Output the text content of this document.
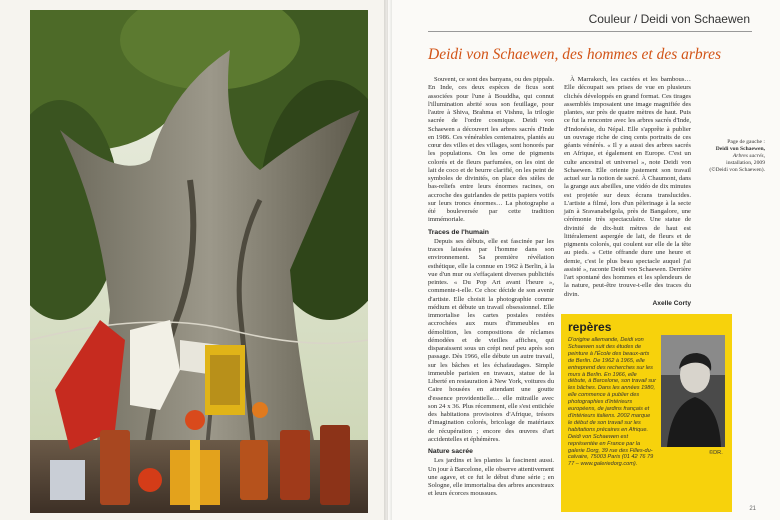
Couleur / Deidi von Schaewen
Deidi von Schaewen, des hommes et des arbres

Souvent, ce sont des banyans, ou des pippals. En Inde, ces deux espèces de ficus sont associées pour l'une à Bouddha, qui connut l'illumination abrité sous son feuillage, pour l'autre à Shiva, Brahma et Vishnu, la trilogie sacrée de l'ordre cosmique. Deidi von Schaewen a découvert les arbres sacrés d'Inde en 1986. Ces vénérables centenaires, plantés au cœur des villes et des villages, sont honorés par les populations. On les orne de pigments colorés et de fleurs parfumées, on les oint de lait de coco et de beurre clarifié, on les peint de symboles de divinités, on place des stèles de bas-reliefs entre leurs énormes racines, on accroche des guirlandes de petits papiers votifs sur leurs troncs énormes… La photographe a été bouleversée par cette tradition immémoriale.

Traces de l'humain

Depuis ses débuts, elle est fascinée par les traces laissées par l'homme dans son environnement. Sa première révélation esthétique, elle la connue en 1962 à Berlin, à la vue d'un mur ou s'effaçaient diverses publicités peintes. « Du Pop Art avant l'heure », commente-t-elle. Ce choc décide de son avenir d'artiste. Elle choisit la photographie comme médium et débute un travail obsessionnel. Elle immortalise les cartes postales restées accrochées aux murs d'immeubles en démolition, les compositions de réclames démodées et de vieilles affiches, qui disparaissent sous un crépi neuf peu après son passage. Dès 1966, elle débute un autre travail, sur les bâches et les échafaudages. Simple immeuble parisien en travaux, statue de la Liberté en restauration à New York, voitures du Caire housées en attendant une goutte d'essence providentielle… elle mitraille avec son 24 x 36. Plus récemment, elle s'est entichée des habitations provisoires d'Afrique, trésors d'imagination colorés, bricolage de matériaux de récupération ; encore des œuvres d'art accidentelles et éphémères.

Nature sacrée

Les jardins et les plantes la fascinent aussi. Un jour à Barcelone, elle observe attentivement une agave, et ce fut le début d'une série ; en Sologne, elle immortalisa des arbres ancestraux et leurs écorces moussues.

À Marrakech, les cactées et les bambous… Elle découpait ses prises de vue en plusieurs clichés développés en grand format. Ces tirages assemblés imposaient une image magnifiée des plantes, sur près de quatre mètres de haut. Puis ce fut la rencontre avec les arbres sacrés d'Inde, d'Indonésie, du Népal. Elle s'apprête à publier un ouvrage riche de cinq cents portraits de ces géants vénérés. « Il y a aussi des arbres sacrés en Afrique, et également en Europe. C'est un culte ancestral et universel », note Deidi von Schaewen. Elle oriente justement son travail actuel sur la notion de sacré. À Chaumont, dans la grange aux abeilles, une vidéo de dix minutes est projetée sur deux écrans translucides. L'artiste a filmé, lors d'un pèlerinage à la secte jaïn à Sravanabelgola, près de Bangalore, une cérémonie très spectaculaire. Une statue de divinité de dix-huit mètres de haut est littéralement aspergée de lait, de fleurs et de pigments colorés, qui coulent sur elle de la tête au pieds. « Cette offrande dure une heure et demie, c'est le plus beau spectacle auquel j'ai assisté », raconte Deidi von Schaewen. Derrière l'art spontané des hommes et les splendeurs de la nature, peut-être trouve-t-elle des traces du divin.

Axelle Corty
Page de gauche :
Deidi von Schaewen,
Arbres sacrés,
installation, 2009
(©Deidi von Schaewen).
repères
D'origine allemande, Deidi von Schaewen suit des études de peinture à l'École des beaux-arts de Berlin. De 1962 à 1965, elle entreprend des recherches sur les murs à Berlin. En 1966, elle débute, à Barcelone, son travail sur les bâches. Dans les années 1980, elle commence à publier des photographies d'intérieurs européens, de jardins français et d'intérieurs italiens. 2002 marque le début de son travail sur les habitations précaires en Afrique. Deidi von Schaewen est représentée en France par la galerie Dorg, 39 rue des Filles-du-calvaire, 75003 Paris (01 42 76 79 77 – www.galeriedorg.com).
©DR.
21
